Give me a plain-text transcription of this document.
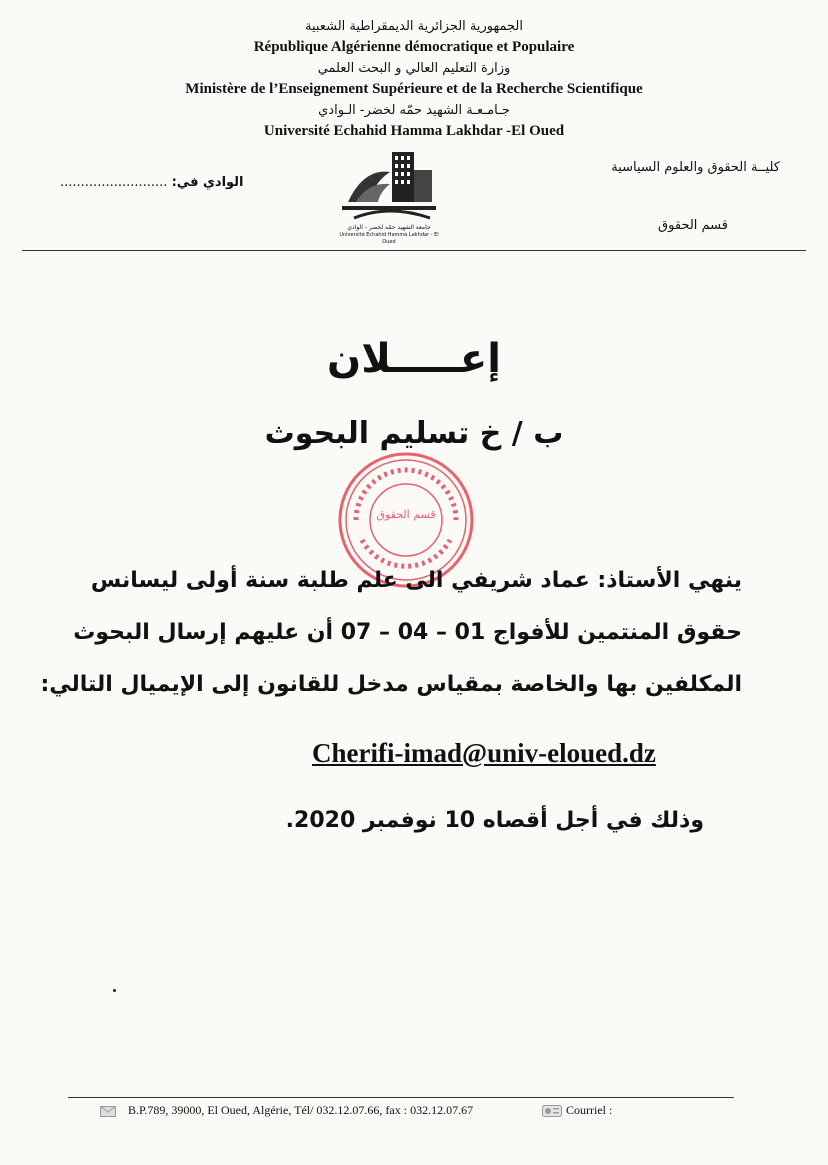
الجمهورية الجزائرية الديمقراطية الشعبية
République Algérienne démocratique et Populaire
وزارة التعليم العالي و البحث العلمي
Ministère de l’Enseignement Supérieure et de la Recherche Scientifique
جـامـعـة الشهيد حمّه لخضر- الـوادي
Université Echahid Hamma Lakhdar -El Oued
كليــة الحقوق والعلوم السياسية
قسم الحقوق
.......................... الوادي في:
جامعة الشهيد حمّه لخضر - الوادي
Université Echahid Hamma Lakhdar - El Oued
إعـــــلان
ب / خ تسليم البحوث
قسم الحقوق
ينهي الأستاذ: عماد شريفي الى علم طلبة سنة أولى ليسانس
حقوق المنتمين للأفواج 01 – 04 – 07 أن عليهم إرسال البحوث
المكلفين بها والخاصة بمقياس مدخل للقانون إلى الإيميال التالي:
Cherifi-imad@univ-eloued.dz
وذلك في أجل أقصاه 10 نوفمبر 2020.
B.P.789, 39000, El Oued, Algérie, Tél/ 032.12.07.66, fax : 032.12.07.67	Courriel :
